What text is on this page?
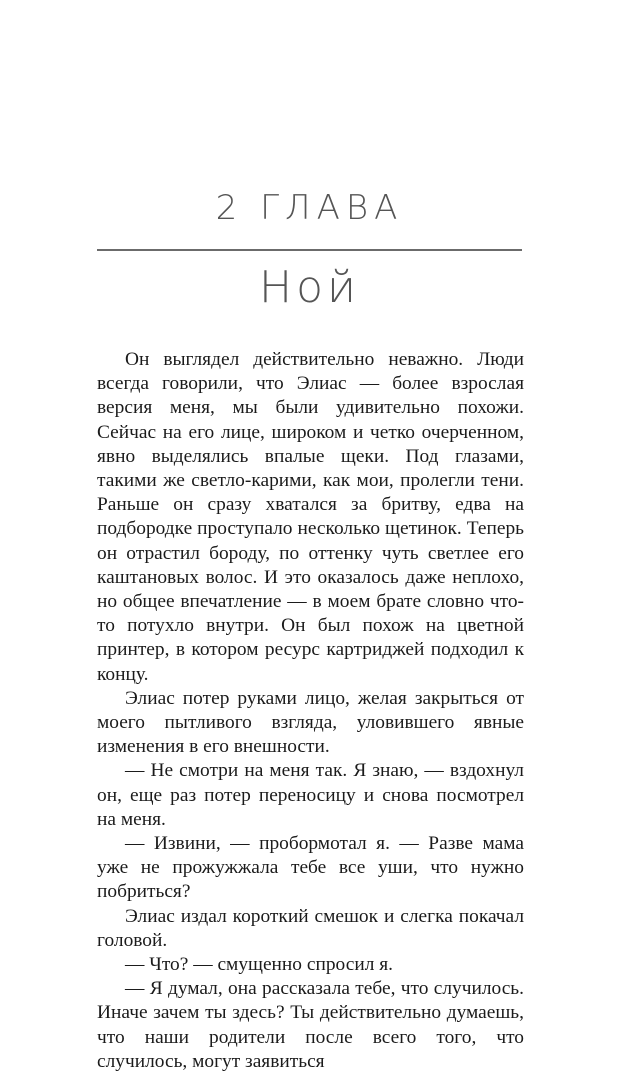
2 ГЛАВА
Ной

Он выглядел действительно неважно. Люди всегда говорили, что Элиас — более взрослая версия меня, мы были удивительно похожи. Сейчас на его лице, широком и четко очерченном, явно выделялись впалые щеки. Под глазами, такими же светло-карими, как мои, пролегли тени. Раньше он сразу хватался за бритву, едва на подбородке проступало несколько щетинок. Теперь он отрастил бороду, по оттенку чуть светлее его каштановых волос. И это оказалось даже неплохо, но общее впечатление — в моем брате словно что-то потухло внутри. Он был похож на цветной принтер, в котором ресурс картриджей подходил к концу.

Элиас потер руками лицо, желая закрыться от моего пытливого взгляда, уловившего явные изменения в его внешности.

— Не смотри на меня так. Я знаю, — вздохнул он, еще раз потер переносицу и снова посмотрел на меня.

— Извини, — пробормотал я. — Разве мама уже не прожужжала тебе все уши, что нужно побриться?

Элиас издал короткий смешок и слегка покачал головой.

— Что? — смущенно спросил я.

— Я думал, она рассказала тебе, что случилось. Иначе зачем ты здесь? Ты действительно думаешь, что наши родители после всего того, что случилось, могут заявиться
